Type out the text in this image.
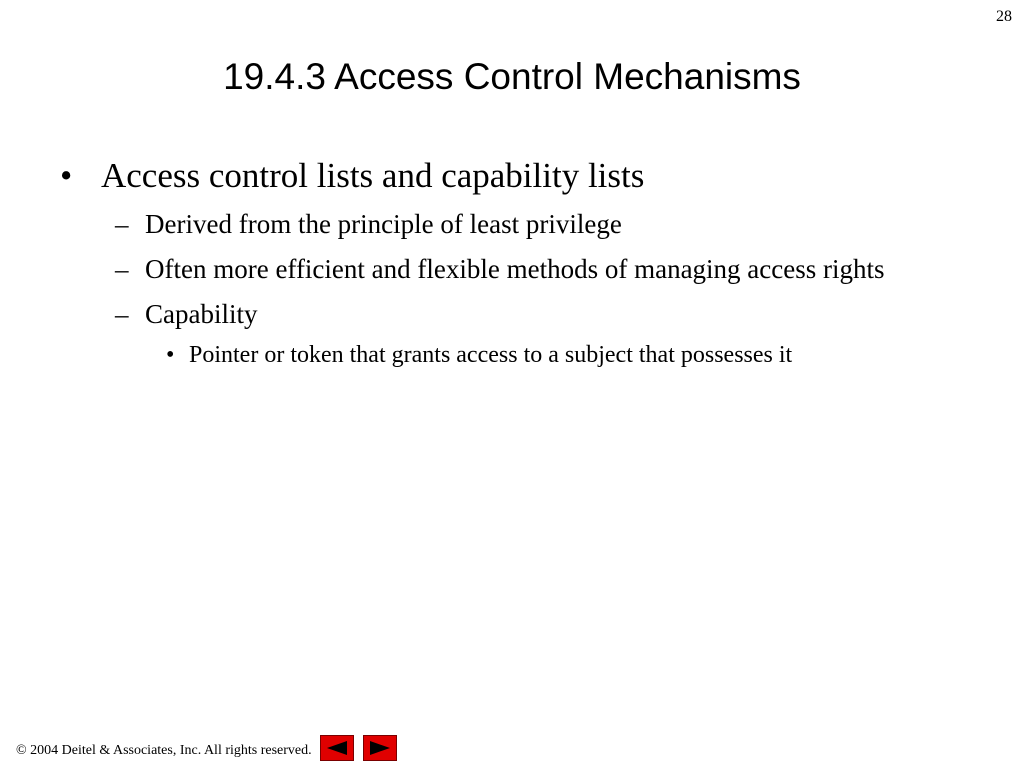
28
19.4.3 Access Control Mechanisms
• Access control lists and capability lists
– Derived from the principle of least privilege
– Often more efficient and flexible methods of managing access rights
– Capability
• Pointer or token that grants access to a subject that possesses it
© 2004 Deitel & Associates, Inc. All rights reserved.
